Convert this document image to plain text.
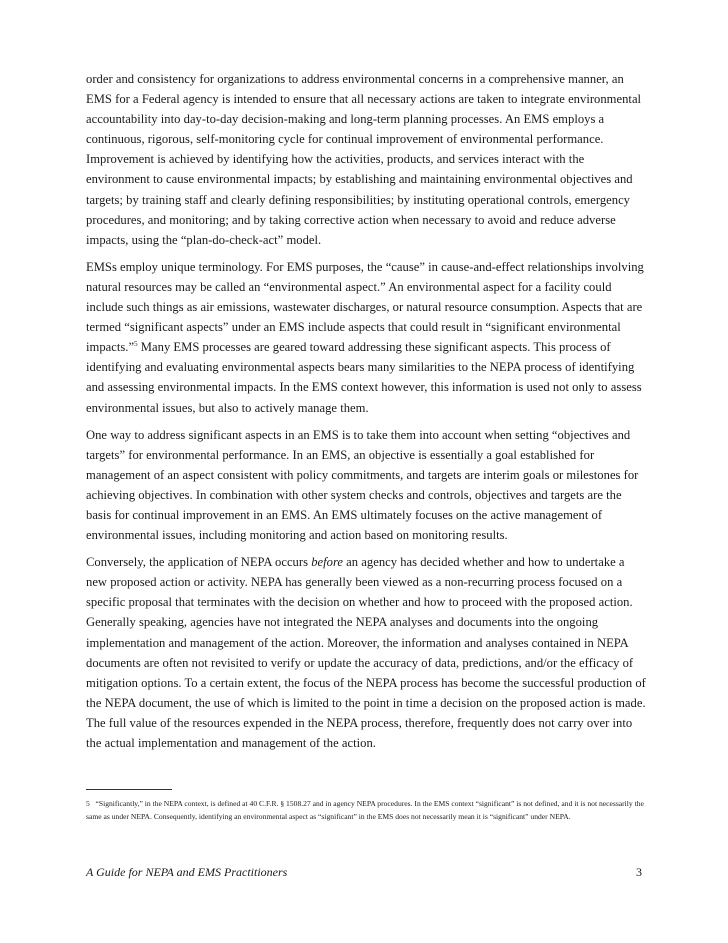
order and consistency for organizations to address environmental concerns in a comprehensive manner, an EMS for a Federal agency is intended to ensure that all necessary actions are taken to integrate environmental accountability into day-to-day decision-making and long-term planning processes. An EMS employs a continuous, rigorous, self-monitoring cycle for continual improvement of environmental performance. Improvement is achieved by identifying how the activities, products, and services interact with the environment to cause environmental impacts; by establishing and maintaining environmental objectives and targets; by training staff and clearly defining responsibilities; by instituting operational controls, emergency procedures, and monitoring; and by taking corrective action when necessary to avoid and reduce adverse impacts, using the “plan-do-check-act” model.

EMSs employ unique terminology. For EMS purposes, the “cause” in cause-and-effect relationships involving natural resources may be called an “environmental aspect.” An environmental aspect for a facility could include such things as air emissions, wastewater discharges, or natural resource consumption. Aspects that are termed “significant aspects” under an EMS include aspects that could result in “significant environmental impacts.”$^5$ Many EMS processes are geared toward addressing these significant aspects. This process of identifying and evaluating environmental aspects bears many similarities to the NEPA process of identifying and assessing environmental impacts. In the EMS context however, this information is used not only to assess environmental issues, but also to actively manage them.

One way to address significant aspects in an EMS is to take them into account when setting “objectives and targets” for environmental performance. In an EMS, an objective is essentially a goal established for management of an aspect consistent with policy commitments, and targets are interim goals or milestones for achieving objectives. In combination with other system checks and controls, objectives and targets are the basis for continual improvement in an EMS. An EMS ultimately focuses on the active management of environmental issues, including monitoring and action based on monitoring results.

Conversely, the application of NEPA occurs before an agency has decided whether and how to undertake a new proposed action or activity. NEPA has generally been viewed as a non-recurring process focused on a specific proposal that terminates with the decision on whether and how to proceed with the proposed action. Generally speaking, agencies have not integrated the NEPA analyses and documents into the ongoing implementation and management of the action. Moreover, the information and analyses contained in NEPA documents are often not revisited to verify or update the accuracy of data, predictions, and/or the efficacy of mitigation options. To a certain extent, the focus of the NEPA process has become the successful production of the NEPA document, the use of which is limited to the point in time a decision on the proposed action is made. The full value of the resources expended in the NEPA process, therefore, frequently does not carry over into the actual implementation and management of the action.

5 “Significantly,” in the NEPA context, is defined at 40 C.F.R. § 1508.27 and in agency NEPA procedures. In the EMS context “significant” is not defined, and it is not necessarily the same as under NEPA. Consequently, identifying an environmental aspect as “significant” in the EMS does not necessarily mean it is “significant” under NEPA.

A Guide for NEPA and EMS Practitioners	3
